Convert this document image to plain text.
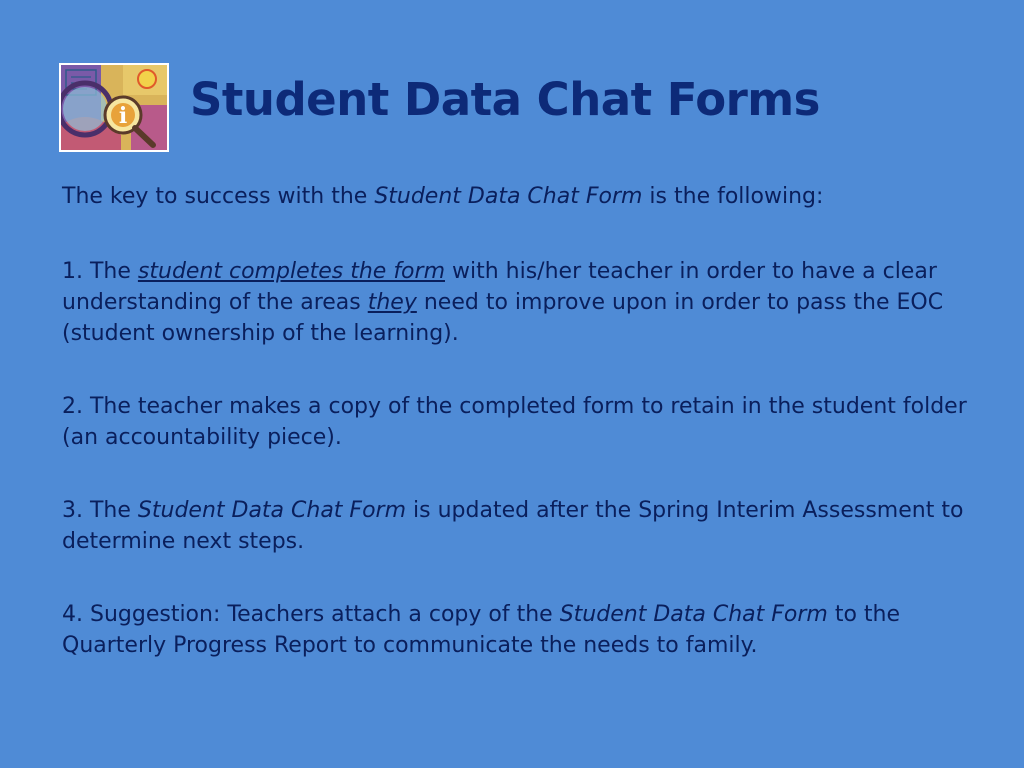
i Student Data Chat Forms

The key to success with the Student Data Chat Form is the following:

1. The student completes the form with his/her teacher in order to have a clear understanding of the areas they need to improve upon in order to pass the EOC (student ownership of the learning).

2. The teacher makes a copy of the completed form to retain in the student folder (an accountability piece).

3. The Student Data Chat Form is updated after the Spring Interim Assessment to determine next steps.

4. Suggestion: Teachers attach a copy of the Student Data Chat Form to the Quarterly Progress Report to communicate the needs to family.
